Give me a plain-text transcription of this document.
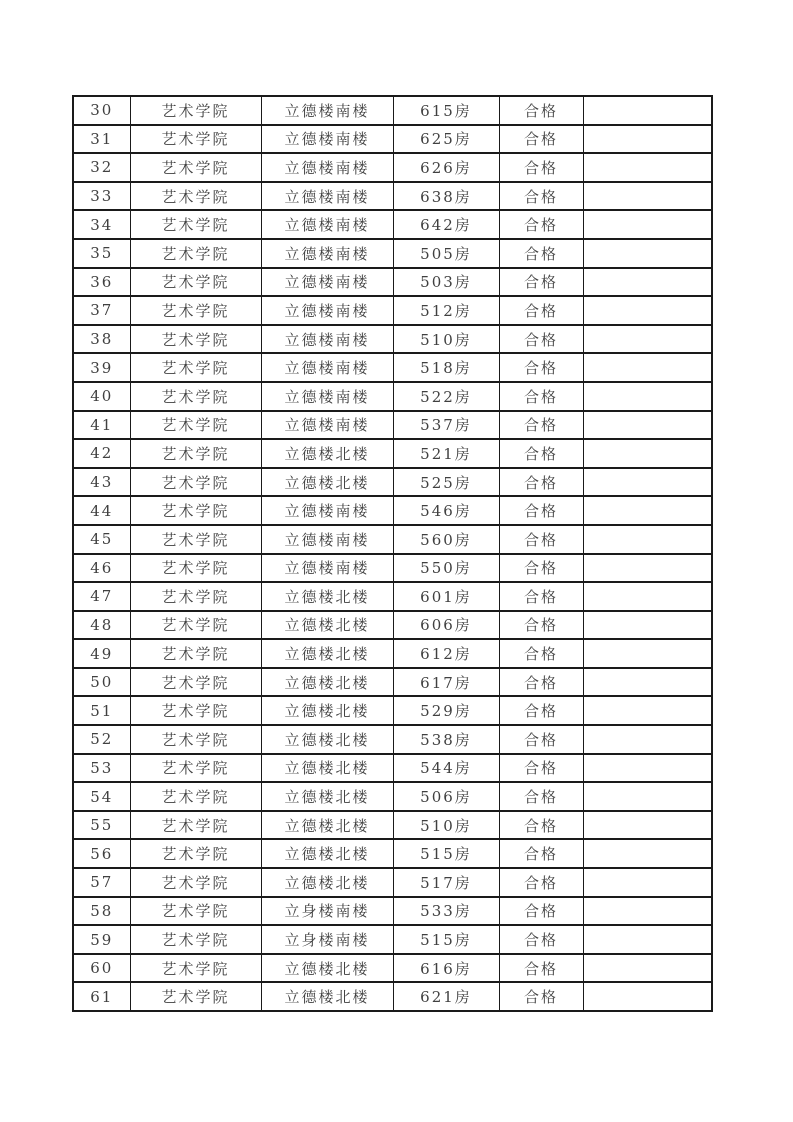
30	艺术学院	立德楼南楼	615房	合格	
31	艺术学院	立德楼南楼	625房	合格	
32	艺术学院	立德楼南楼	626房	合格	
33	艺术学院	立德楼南楼	638房	合格	
34	艺术学院	立德楼南楼	642房	合格	
35	艺术学院	立德楼南楼	505房	合格	
36	艺术学院	立德楼南楼	503房	合格	
37	艺术学院	立德楼南楼	512房	合格	
38	艺术学院	立德楼南楼	510房	合格	
39	艺术学院	立德楼南楼	518房	合格	
40	艺术学院	立德楼南楼	522房	合格	
41	艺术学院	立德楼南楼	537房	合格	
42	艺术学院	立德楼北楼	521房	合格	
43	艺术学院	立德楼北楼	525房	合格	
44	艺术学院	立德楼南楼	546房	合格	
45	艺术学院	立德楼南楼	560房	合格	
46	艺术学院	立德楼南楼	550房	合格	
47	艺术学院	立德楼北楼	601房	合格	
48	艺术学院	立德楼北楼	606房	合格	
49	艺术学院	立德楼北楼	612房	合格	
50	艺术学院	立德楼北楼	617房	合格	
51	艺术学院	立德楼北楼	529房	合格	
52	艺术学院	立德楼北楼	538房	合格	
53	艺术学院	立德楼北楼	544房	合格	
54	艺术学院	立德楼北楼	506房	合格	
55	艺术学院	立德楼北楼	510房	合格	
56	艺术学院	立德楼北楼	515房	合格	
57	艺术学院	立德楼北楼	517房	合格	
58	艺术学院	立身楼南楼	533房	合格	
59	艺术学院	立身楼南楼	515房	合格	
60	艺术学院	立德楼北楼	616房	合格	
61	艺术学院	立德楼北楼	621房	合格	
